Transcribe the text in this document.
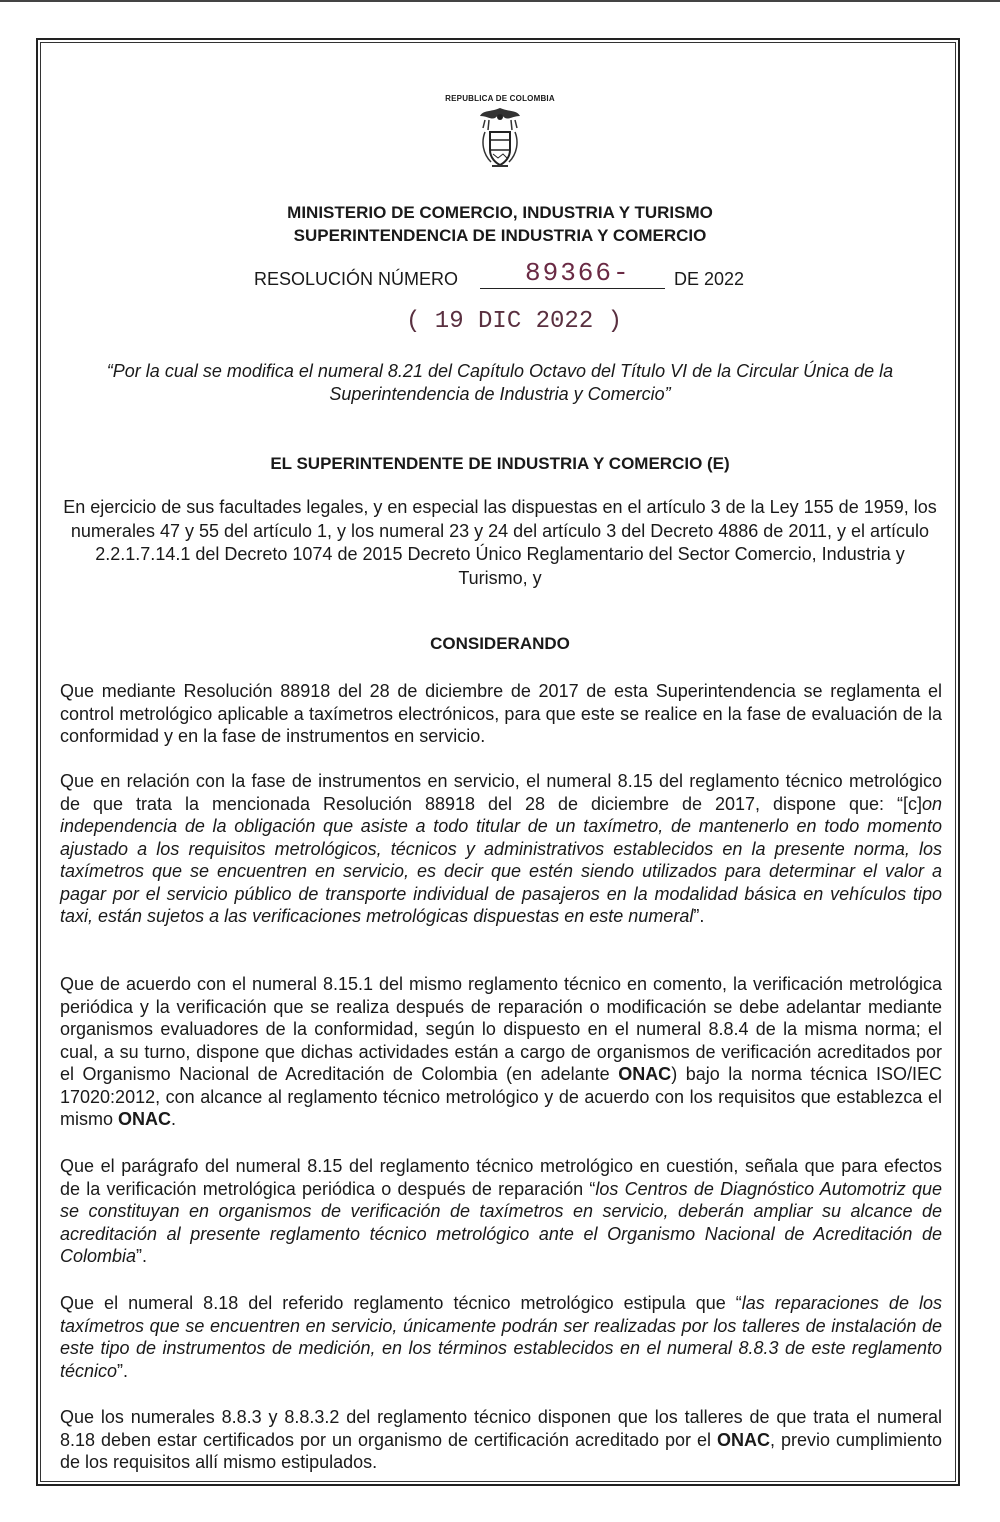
REPUBLICA DE COLOMBIA
MINISTERIO DE COMERCIO, INDUSTRIA Y TURISMO
SUPERINTENDENCIA DE INDUSTRIA Y COMERCIO
RESOLUCIÓN NÚMERO	89366- DE 2022
( 19 DIC 2022 )
“Por la cual se modifica el numeral 8.21 del Capítulo Octavo del Título VI de la Circular Única de la Superintendencia de Industria y Comercio”
EL SUPERINTENDENTE DE INDUSTRIA Y COMERCIO (E)
En ejercicio de sus facultades legales, y en especial las dispuestas en el artículo 3 de la Ley 155 de 1959, los numerales 47 y 55 del artículo 1, y los numeral 23 y 24 del artículo 3 del Decreto 4886 de 2011, y el artículo 2.2.1.7.14.1 del Decreto 1074 de 2015 Decreto Único Reglamentario del Sector Comercio, Industria y Turismo, y
CONSIDERANDO

Que mediante Resolución 88918 del 28 de diciembre de 2017 de esta Superintendencia se reglamenta el control metrológico aplicable a taxímetros electrónicos, para que este se realice en la fase de evaluación de la conformidad y en la fase de instrumentos en servicio.

Que en relación con la fase de instrumentos en servicio, el numeral 8.15 del reglamento técnico metrológico de que trata la mencionada Resolución 88918 del 28 de diciembre de 2017, dispone que: “[c]on independencia de la obligación que asiste a todo titular de un taxímetro, de mantenerlo en todo momento ajustado a los requisitos metrológicos, técnicos y administrativos establecidos en la presente norma, los taxímetros que se encuentren en servicio, es decir que estén siendo utilizados para determinar el valor a pagar por el servicio público de transporte individual de pasajeros en la modalidad básica en vehículos tipo taxi, están sujetos a las verificaciones metrológicas dispuestas en este numeral”.

Que de acuerdo con el numeral 8.15.1 del mismo reglamento técnico en comento, la verificación metrológica periódica y la verificación que se realiza después de reparación o modificación se debe adelantar mediante organismos evaluadores de la conformidad, según lo dispuesto en el numeral 8.8.4 de la misma norma; el cual, a su turno, dispone que dichas actividades están a cargo de organismos de verificación acreditados por el Organismo Nacional de Acreditación de Colombia (en adelante ONAC) bajo la norma técnica ISO/IEC 17020:2012, con alcance al reglamento técnico metrológico y de acuerdo con los requisitos que establezca el mismo ONAC.

Que el parágrafo del numeral 8.15 del reglamento técnico metrológico en cuestión, señala que para efectos de la verificación metrológica periódica o después de reparación “los Centros de Diagnóstico Automotriz que se constituyan en organismos de verificación de taxímetros en servicio, deberán ampliar su alcance de acreditación al presente reglamento técnico metrológico ante el Organismo Nacional de Acreditación de Colombia”.

Que el numeral 8.18 del referido reglamento técnico metrológico estipula que “las reparaciones de los taxímetros que se encuentren en servicio, únicamente podrán ser realizadas por los talleres de instalación de este tipo de instrumentos de medición, en los términos establecidos en el numeral 8.8.3 de este reglamento técnico”.

Que los numerales 8.8.3 y 8.8.3.2 del reglamento técnico disponen que los talleres de que trata el numeral 8.18 deben estar certificados por un organismo de certificación acreditado por el ONAC, previo cumplimiento de los requisitos allí mismo estipulados.
